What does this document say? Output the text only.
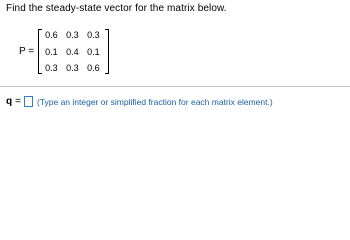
Find the steady-state vector for the matrix below.
P =
0.6 0.3 0.3
0.1 0.4 0.1
0.3 0.3 0.6
q = (Type an integer or simplified fraction for each matrix element.)
